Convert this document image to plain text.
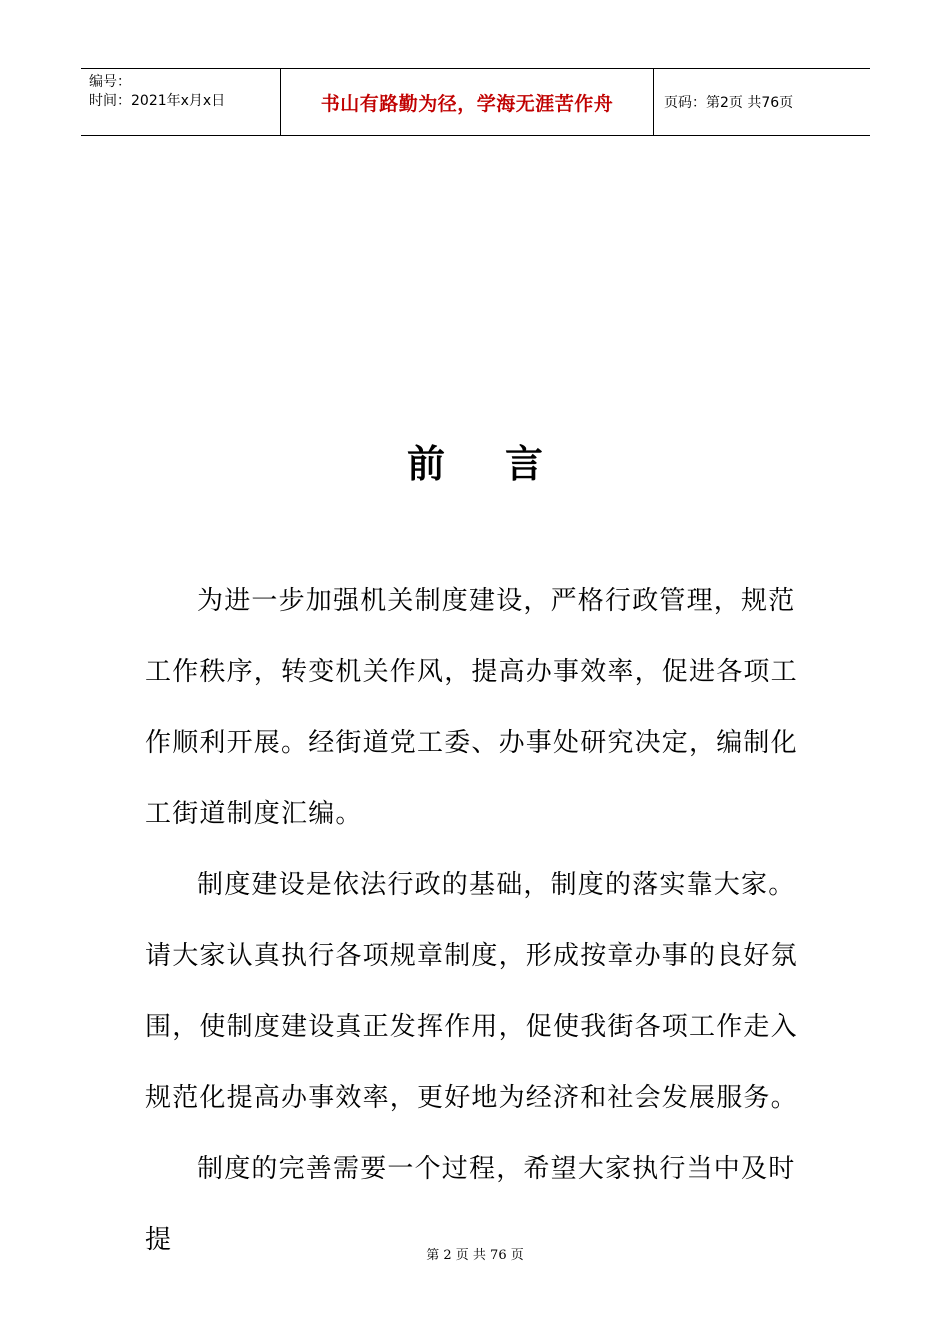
编号：
时间：2021年x月x日	书山有路勤为径，学海无涯苦作舟	页码：第2页 共76页
前言

为进一步加强机关制度建设，严格行政管理，规范工作秩序，转变机关作风，提高办事效率，促进各项工作顺利开展。经街道党工委、办事处研究决定，编制化工街道制度汇编。

制度建设是依法行政的基础，制度的落实靠大家。请大家认真执行各项规章制度，形成按章办事的良好氛围，使制度建设真正发挥作用，促使我街各项工作走入规范化提高办事效率，更好地为经济和社会发展服务。

制度的完善需要一个过程，希望大家执行当中及时提

第 2 页 共 76 页
